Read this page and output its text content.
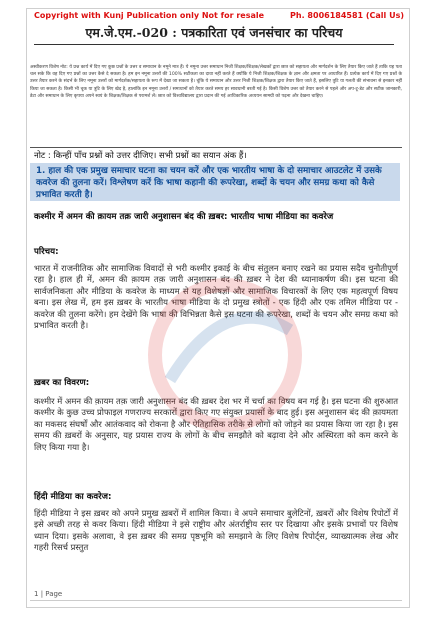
Copyright with Kunj Publication only Not for resale	Ph. 8006184581 (Call Us)
एम.जे.एम.-020 : पत्रकारिता एवं जनसंचार का परिचय
अस्वीकरण विशेष नोट: ये प्रश्न कार्य में दिए गए कुछ प्रश्नों के उत्तर व समाधान के नमूने मात्र हैं। ये नमूना उत्तर समाधान निजी शिक्षक/शिक्षक/लेखकों द्वारा छात्र को सहायता और मार्गदर्शन के लिए तैयार किए जाते हैं ताकि यह पता चल सके कि वह दिए गए प्रश्नों का उत्तर कैसे दे सकता है। हम इन नमूना उत्तरों की 100% सटीकता का दावा नहीं करते हैं क्योंकि ये निजी शिक्षक/शिक्षक के ज्ञान और क्षमता पर आधारित हैं। प्रत्येक कार्य में दिए गए प्रश्नों के उत्तर तैयार करने के संदर्भ के लिए नमूना उत्तरों को मार्गदर्शक/सहायता के रूप में देखा जा सकता है। चूंकि ये समाधान और उत्तर निजी शिक्षक/शिक्षक द्वारा तैयार किए जाते हैं, इसलिए त्रुटि या गलती की संभावना से इनकार नहीं किया जा सकता है। किसी भी चूक या त्रुटि के लिए खेद है, हालांकि इन नमूना उत्तरों / समाधानों को तैयार करते समय हर सावधानी बरती गई है। किसी विशेष उत्तर को तैयार करने से पहले और अप-टू-डेट और सटीक जानकारी, डेटा और समाधान के लिए कृपया अपने स्वयं के शिक्षक/शिक्षक से परामर्श लें। छात्र को विश्वविद्यालय द्वारा प्रदान की गई आधिकारिक अध्ययन सामग्री को पढ़ना और देखना चाहिए।
नोट : किन्हीं पाँच प्रश्नों को उत्तर दीजिए। सभी प्रश्नों का सयान अंक हैं।
1. हाल की एक प्रमुख समाचार घटना का चयन करें और एक भारतीय भाषा के दो समाचार आउटलेट में उसके कवरेज की तुलना करें। विश्लेषण करें कि भाषा कहानी की रूपरेखा, शब्दों के चयन और समग्र कथा को कैसे प्रभावित करती है।
कश्मीर में अमन की क़ायम तक़ जारी अनुशासन बंद की ख़बर: भारतीय भाषा मीडिया का कवरेज
परिचय:
भारत में राजनीतिक और सामाजिक विवादों से भरी कश्मीर इकाई के बीच संतुलन बनाए रखने का प्रयास सदैव चुनौतीपूर्ण रहा है। हाल ही में, अमन की क़ायम तक़ जारी अनुशासन बंद की ख़बर ने देश की ध्यानाकर्षण की। इस घटना की सार्वजनिकता और मीडिया के कवरेज के माध्यम से यह विशेषज्ञों और सामाजिक विचारकों के लिए एक महत्वपूर्ण विषय बना। इस लेख में, हम इस ख़बर के भारतीय भाषा मीडिया के दो प्रमुख स्त्रोतों - एक हिंदी और एक तमिल मीडिया पर - कवरेज की तुलना करेंगे। हम देखेंगे कि भाषा की विभिन्नता कैसे इस घटना की रूपरेखा, शब्दों के चयन और समग्र कथा को प्रभावित करती है।
ख़बर का विवरण:
कश्मीर में अमन की क़ायम तक़ जारी अनुशासन बंद की ख़बर देश भर में चर्चा का विषय बन गई है। इस घटना की शुरुआत कश्मीर के कुछ उच्च प्रोफाइल गणराज्य सरकारों द्वारा किए गए संयुक्त प्रयासों के बाद हुई। इस अनुशासन बंद की क़ायमता का मकसद संघर्षों और आतंकवाद को रोकना है और ऐतिहासिक तरीके से लोगों को जोड़ने का प्रयास किया जा रहा है। इस समय की ख़बरों के अनुसार, यह प्रयास राज्य के लोगों के बीच समझौते को बढ़ावा देने और अस्थिरता को कम करने के लिए किया गया है।
हिंदी मीडिया का कवरेज:
हिंदी मीडिया ने इस ख़बर को अपने प्रमुख ख़बरों में शामिल किया। वे अपने समाचार बुलेटिनों, ख़बरों और विशेष रिपोर्टों में इसे अच्छी तरह से कवर किया। हिंदी मीडिया ने इसे राष्ट्रीय और अंतर्राष्ट्रीय स्तर पर दिखाया और इसके प्रभावों पर विशेष ध्यान दिया। इसके अलावा, वे इस ख़बर की समग्र पृष्ठभूमि को समझाने के लिए विशेष रिपोर्ट्स, व्याख्यात्मक लेख और गहरी रिसर्च प्रस्तुत
1 | Page
